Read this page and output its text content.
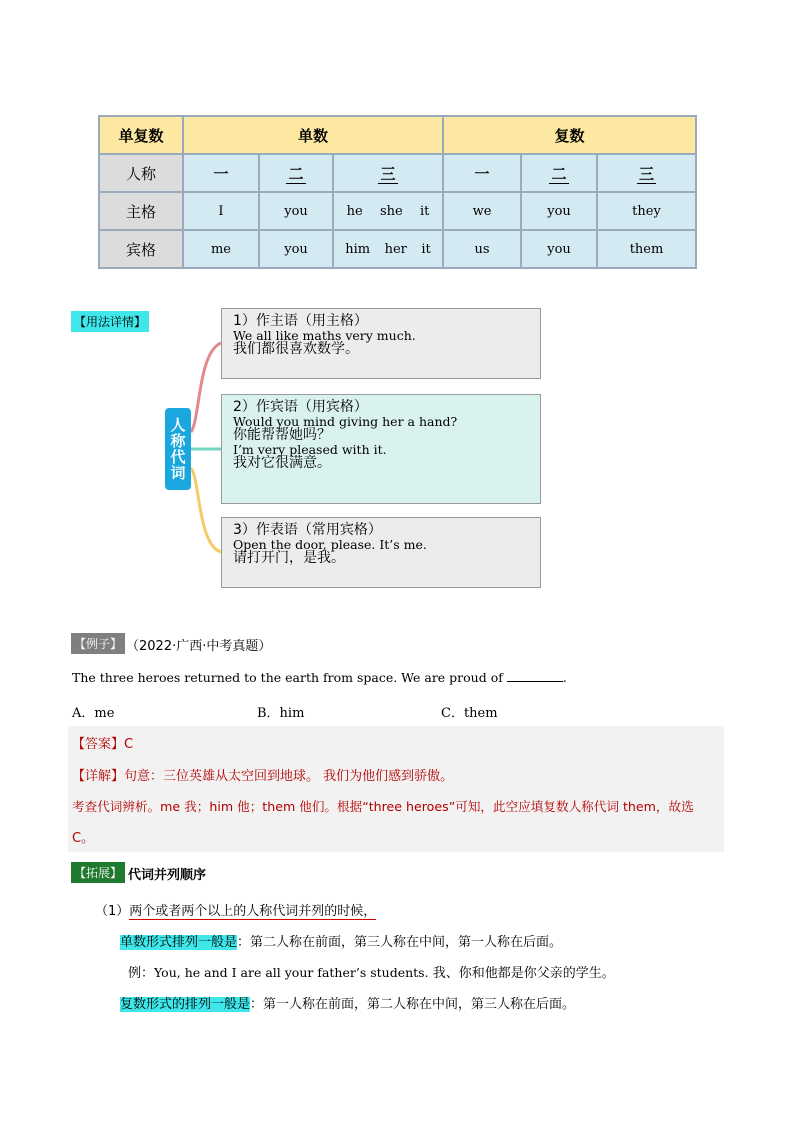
单复数	单数			复数		
人称	一	二	三	一	二	三
主格	I	you	he she it	we	you	they
宾格	me	you	him her it	us	you	them
【用法详情】
人称代词
1）作主语（用主格）
We all like maths very much.
我们都很喜欢数学。
2）作宾语（用宾格）
Would you mind giving her a hand?
你能帮帮她吗？
I’m very pleased with it.
我对它很满意。
3）作表语（常用宾格）
Open the door, please. It’s me.
请打开门，是我。
【例子】 （2022·广西·中考真题）
The three heroes returned to the earth from space. We are proud of	.
A．me	B．him	C．them
【答案】C
【详解】句意：三位英雄从太空回到地球。 我们为他们感到骄傲。
考查代词辨析。me 我；him 他；them 他们。根据“three heroes”可知，此空应填复数人称代词 them，故选
C。
【拓展】 代词并列顺序
（1）两个或者两个以上的人称代词并列的时候，
单数形式排列一般是：第二人称在前面，第三人称在中间，第一人称在后面。
例：You, he and I are all your father’s students. 我、你和他都是你父亲的学生。
复数形式的排列一般是：第一人称在前面，第二人称在中间，第三人称在后面。
